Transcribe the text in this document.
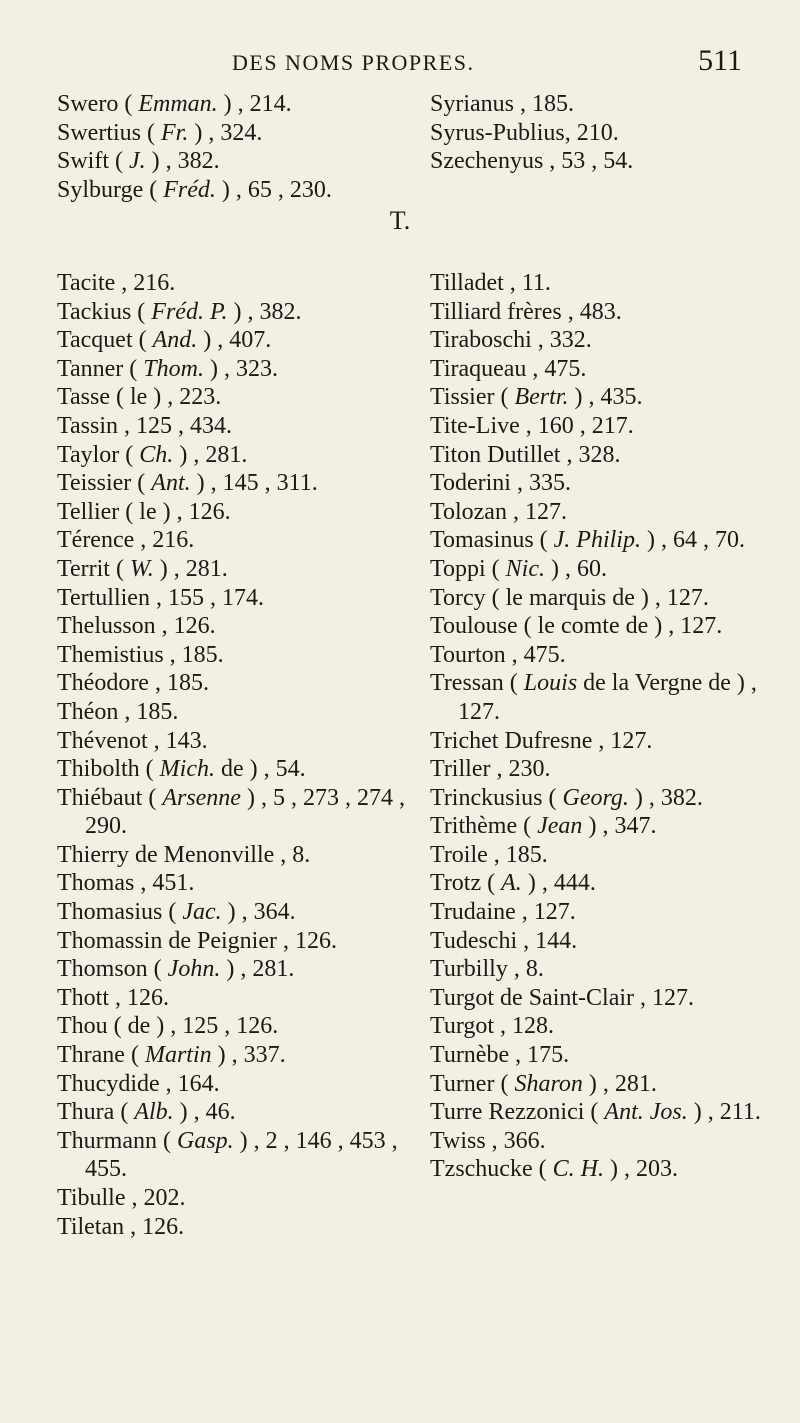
DES NOMS PROPRES.	511

Swero ( Emman. ) , 214.

Swertius ( Fr. ) , 324.

Swift ( J. ) , 382.

Sylburge ( Fréd. ) , 65 , 230.

Syrianus , 185.

Syrus-Publius, 210.

Szechenyus , 53 , 54.

T.

Tacite , 216.

Tackius ( Fréd. P. ) , 382.

Tacquet ( And. ) , 407.

Tanner ( Thom. ) , 323.

Tasse ( le ) , 223.

Tassin , 125 , 434.

Taylor ( Ch. ) , 281.

Teissier ( Ant. ) , 145 , 311.

Tellier ( le ) , 126.

Térence , 216.

Territ ( W. ) , 281.

Tertullien , 155 , 174.

Thelusson , 126.

Themistius , 185.

Théodore , 185.

Théon , 185.

Thévenot , 143.

Thibolth ( Mich. de ) , 54.

Thiébaut ( Arsenne ) , 5 , 273 , 274 , 290.

Thierry de Menonville , 8.

Thomas , 451.

Thomasius ( Jac. ) , 364.

Thomassin de Peignier , 126.

Thomson ( John. ) , 281.

Thott , 126.

Thou ( de ) , 125 , 126.

Thrane ( Martin ) , 337.

Thucydide , 164.

Thura ( Alb. ) , 46.

Thurmann ( Gasp. ) , 2 , 146 , 453 , 455.

Tibulle , 202.

Tiletan , 126.

Tilladet , 11.

Tilliard frères , 483.

Tiraboschi , 332.

Tiraqueau , 475.

Tissier ( Bertr. ) , 435.

Tite-Live , 160 , 217.

Titon Dutillet , 328.

Toderini , 335.

Tolozan , 127.

Tomasinus ( J. Philip. ) , 64 , 70.

Toppi ( Nic. ) , 60.

Torcy ( le marquis de ) , 127.

Toulouse ( le comte de ) , 127.

Tourton , 475.

Tressan ( Louis de la Vergne de ) , 127.

Trichet Dufresne , 127.

Triller , 230.

Trinckusius ( Georg. ) , 382.

Trithème ( Jean ) , 347.

Troile , 185.

Trotz ( A. ) , 444.

Trudaine , 127.

Tudeschi , 144.

Turbilly , 8.

Turgot de Saint-Clair , 127.

Turgot , 128.

Turnèbe , 175.

Turner ( Sharon ) , 281.

Turre Rezzonici ( Ant. Jos. ) , 211.

Twiss , 366.

Tzschucke ( C. H. ) , 203.
